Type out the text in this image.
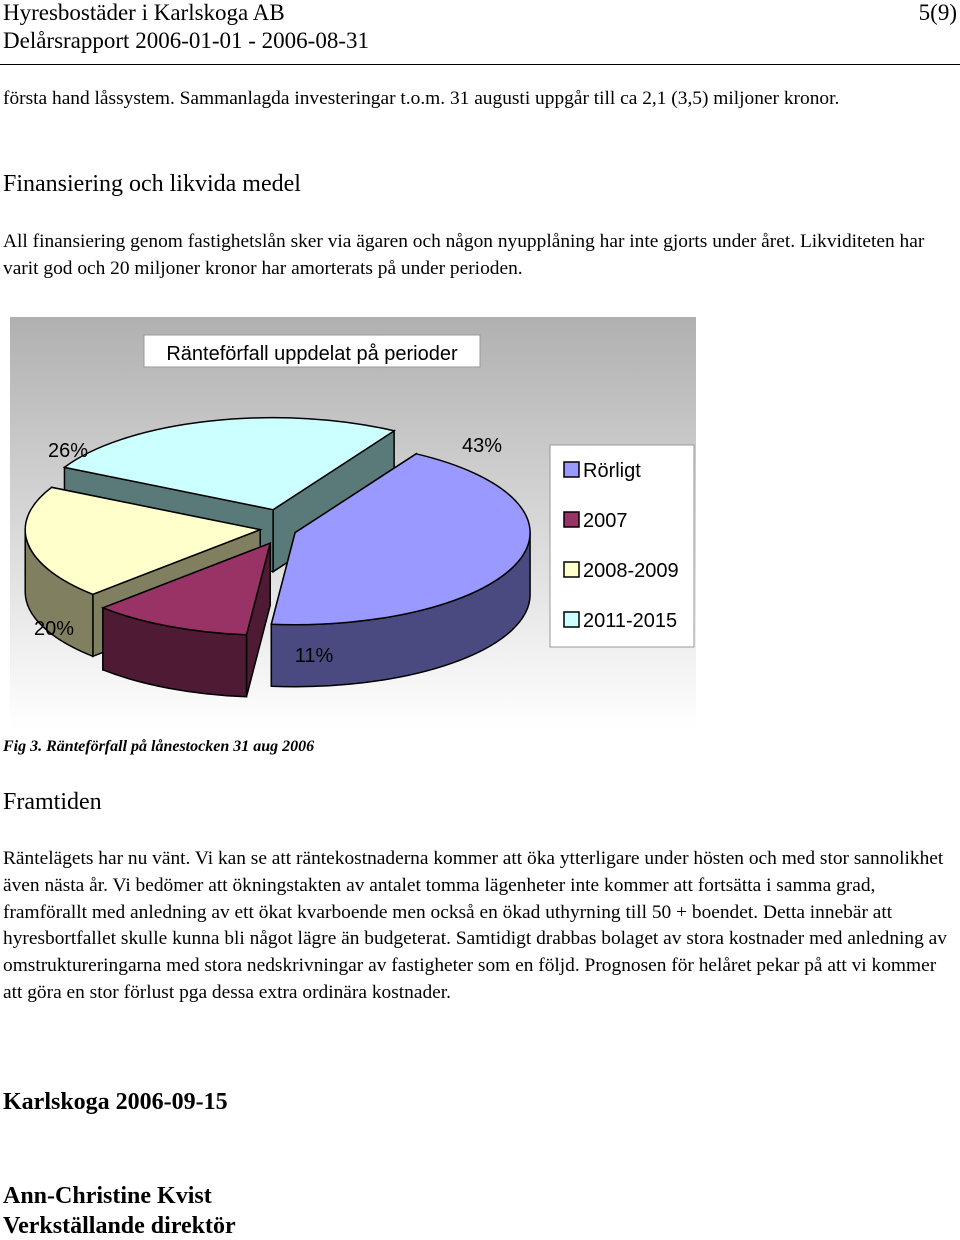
Hyresbostäder i Karlskoga AB
Delårsrapport 2006-01-01 - 2006-08-31
5(9)
första hand låssystem. Sammanlagda investeringar t.o.m. 31 augusti uppgår till ca 2,1 (3,5) miljoner kronor.
Finansiering och likvida medel
All finansiering genom fastighetslån sker via ägaren och någon nyupplåning har inte gjorts under året. Likviditeten har varit god och 20 miljoner kronor har amorterats på under perioden.
Ränteförfall uppdelat på perioder
43%
11%
20%
26%
Rörligt
2007
2008-2009
2011-2015
Fig 3. Ränteförfall på lånestocken 31 aug 2006
Framtiden
Räntelägets har nu vänt. Vi kan se att räntekostnaderna kommer att öka ytterligare under hösten och med stor sannolikhet även nästa år. Vi bedömer att ökningstakten av antalet tomma lägenheter inte kommer att fortsätta i samma grad, framförallt med anledning av ett ökat kvarboende men också en ökad uthyrning till 50 + boendet. Detta innebär att hyresbortfallet skulle kunna bli något lägre än budgeterat. Samtidigt drabbas bolaget av stora kostnader med anledning av omstruktureringarna med stora nedskrivningar av fastigheter som en följd. Prognosen för helåret pekar på att vi kommer att göra en stor förlust pga dessa extra ordinära kostnader.
Karlskoga 2006-09-15
Ann-Christine Kvist
Verkställande direktör
